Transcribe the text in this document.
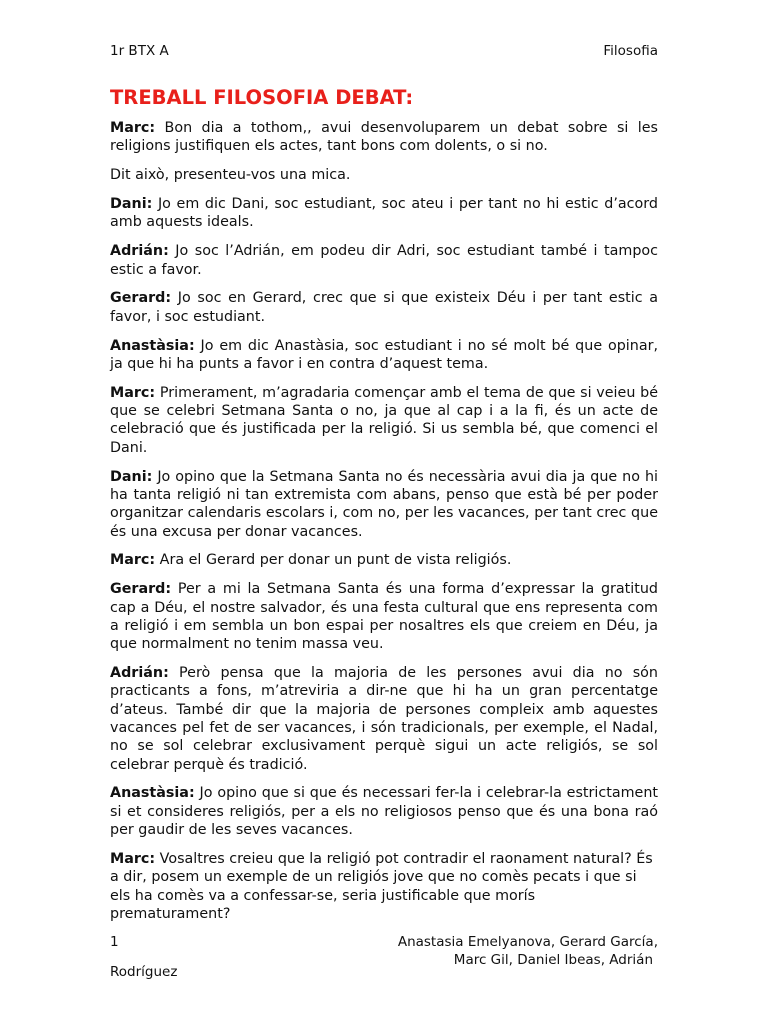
1r BTX A	Filosofia
TREBALL FILOSOFIA DEBAT:

Marc: Bon dia a tothom,, avui desenvoluparem un debat sobre si les religions justifiquen els actes, tant bons com dolents, o si no.

Dit això, presenteu-vos una mica.

Dani: Jo em dic Dani, soc estudiant, soc ateu i per tant no hi estic d’acord amb aquests ideals.

Adrián: Jo soc l’Adrián, em podeu dir Adri, soc estudiant també i tampoc estic a favor.

Gerard: Jo soc en Gerard, crec que si que existeix Déu i per tant estic a favor, i soc estudiant.

Anastàsia: Jo em dic Anastàsia, soc estudiant i no sé molt bé que opinar, ja que hi ha punts a favor i en contra d’aquest tema.

Marc: Primerament, m’agradaria començar amb el tema de que si veieu bé que se celebri Setmana Santa o no, ja que al cap i a la fi, és un acte de celebració que és justificada per la religió. Si us sembla bé, que comenci el Dani.

Dani: Jo opino que la Setmana Santa no és necessària avui dia ja que no hi ha tanta religió ni tan extremista com abans, penso que està bé per poder organitzar calendaris escolars i, com no, per les vacances, per tant crec que és una excusa per donar vacances.

Marc: Ara el Gerard per donar un punt de vista religiós.

Gerard: Per a mi la Setmana Santa és una forma d’expressar la gratitud cap a Déu, el nostre salvador, és una festa cultural que ens representa com a religió i em sembla un bon espai per nosaltres els que creiem en Déu, ja que normalment no tenim massa veu.

Adrián: Però pensa que la majoria de les persones avui dia no són practicants a fons, m’atreviria a dir-ne que hi ha un gran percentatge d’ateus. També dir que la majoria de persones compleix amb aquestes vacances pel fet de ser vacances, i són tradicionals, per exemple, el Nadal, no se sol celebrar exclusivament perquè sigui un acte religiós, se sol celebrar perquè és tradició.

Anastàsia: Jo opino que si que és necessari fer-la i celebrar-la estrictament si et consideres religiós, per a els no religiosos penso que és una bona raó per gaudir de les seves vacances.

Marc: Vosaltres creieu que la religió pot contradir el raonament natural? És a dir, posem un exemple de un religiós jove que no comès pecats i que si els ha comès va a confessar-se, seria justificable que morís prematurament?

1	Anastasia Emelyanova, Gerard García,
Marc Gil, Daniel Ibeas, Adrián
Rodríguez
